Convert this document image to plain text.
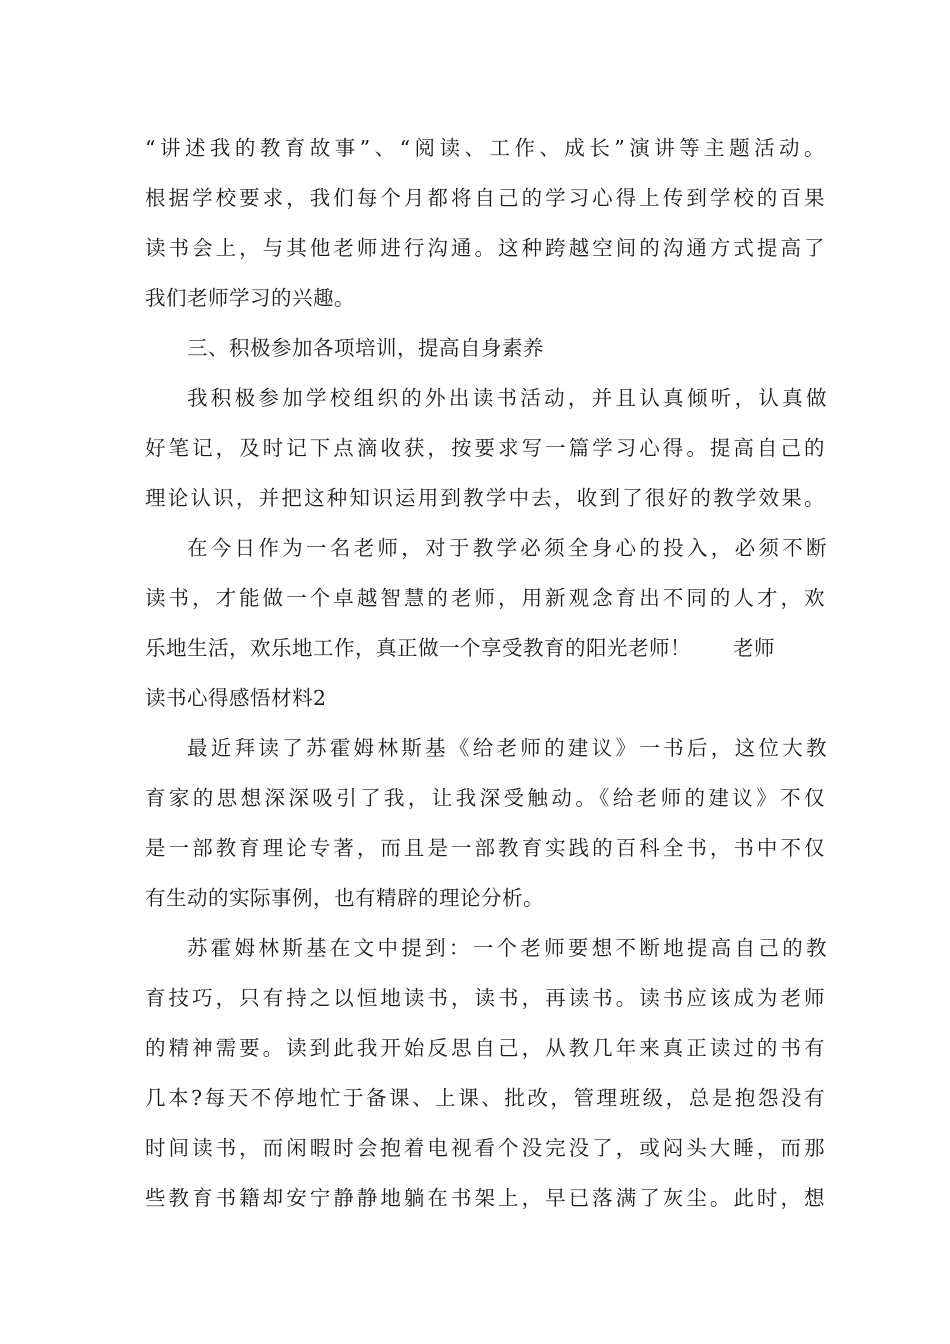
“讲述我的教育故事”、“阅读、工作、成长”演讲等主题活动。
根据学校要求，我们每个月都将自己的学习心得上传到学校的百果
读书会上，与其他老师进行沟通。这种跨越空间的沟通方式提高了
我们老师学习的兴趣。
三、积极参加各项培训，提高自身素养
我积极参加学校组织的外出读书活动，并且认真倾听，认真做
好笔记，及时记下点滴收获，按要求写一篇学习心得。提高自己的
理论认识，并把这种知识运用到教学中去，收到了很好的教学效果。
在今日作为一名老师，对于教学必须全身心的投入，必须不断
读书，才能做一个卓越智慧的老师，用新观念育出不同的人才，欢
乐地生活，欢乐地工作，真正做一个享受教育的阳光老师！　　老师
读书心得感悟材料2
最近拜读了苏霍姆林斯基《给老师的建议》一书后，这位大教
育家的思想深深吸引了我，让我深受触动。《给老师的建议》不仅
是一部教育理论专著，而且是一部教育实践的百科全书，书中不仅
有生动的实际事例，也有精辟的理论分析。
苏霍姆林斯基在文中提到：一个老师要想不断地提高自己的教
育技巧，只有持之以恒地读书，读书，再读书。读书应该成为老师
的精神需要。读到此我开始反思自己，从教几年来真正读过的书有
几本?每天不停地忙于备课、上课、批改，管理班级，总是抱怨没有
时间读书，而闲暇时会抱着电视看个没完没了，或闷头大睡，而那
些教育书籍却安宁静静地躺在书架上，早已落满了灰尘。此时，想
